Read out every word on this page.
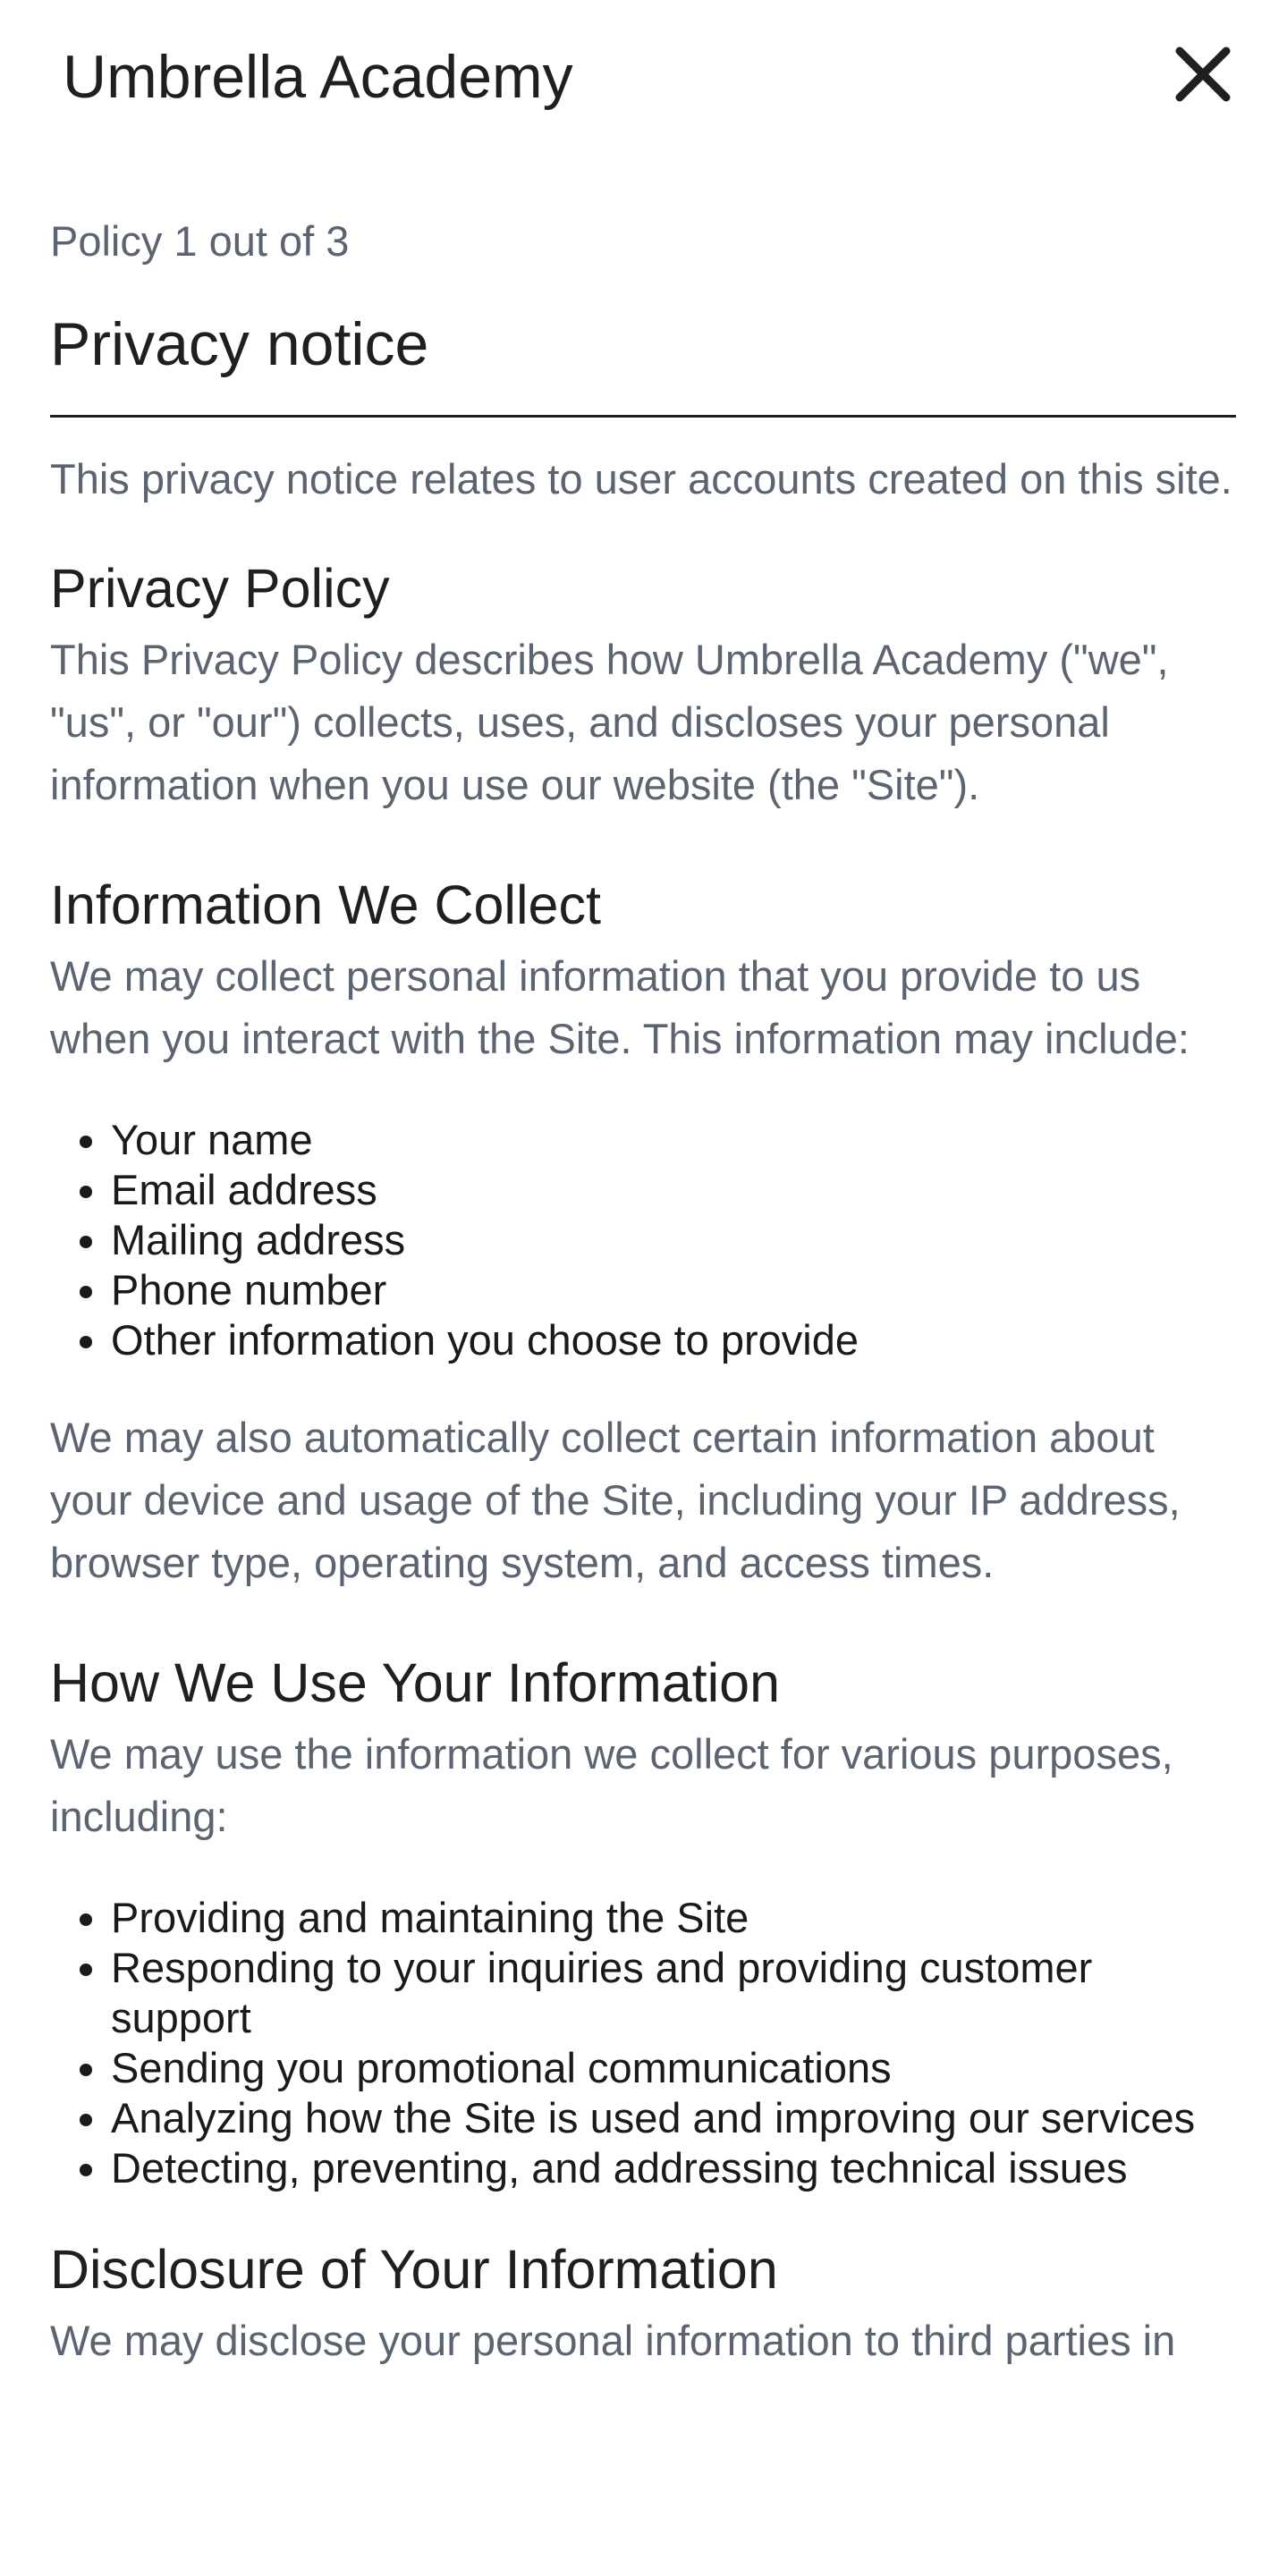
Umbrella Academy

Policy 1 out of 3

Privacy notice

This privacy notice relates to user accounts created on this site.

Privacy Policy

This Privacy Policy describes how Umbrella Academy ("we", "us", or "our") collects, uses, and discloses your personal information when you use our website (the "Site").

Information We Collect

We may collect personal information that you provide to us when you interact with the Site. This information may include:

• Your name
• Email address
• Mailing address
• Phone number
• Other information you choose to provide

We may also automatically collect certain information about your device and usage of the Site, including your IP address, browser type, operating system, and access times.

How We Use Your Information

We may use the information we collect for various purposes, including:

• Providing and maintaining the Site
• Responding to your inquiries and providing customer support
• Sending you promotional communications
• Analyzing how the Site is used and improving our services
• Detecting, preventing, and addressing technical issues
Disclosure of Your Information

We may disclose your personal information to third parties in
